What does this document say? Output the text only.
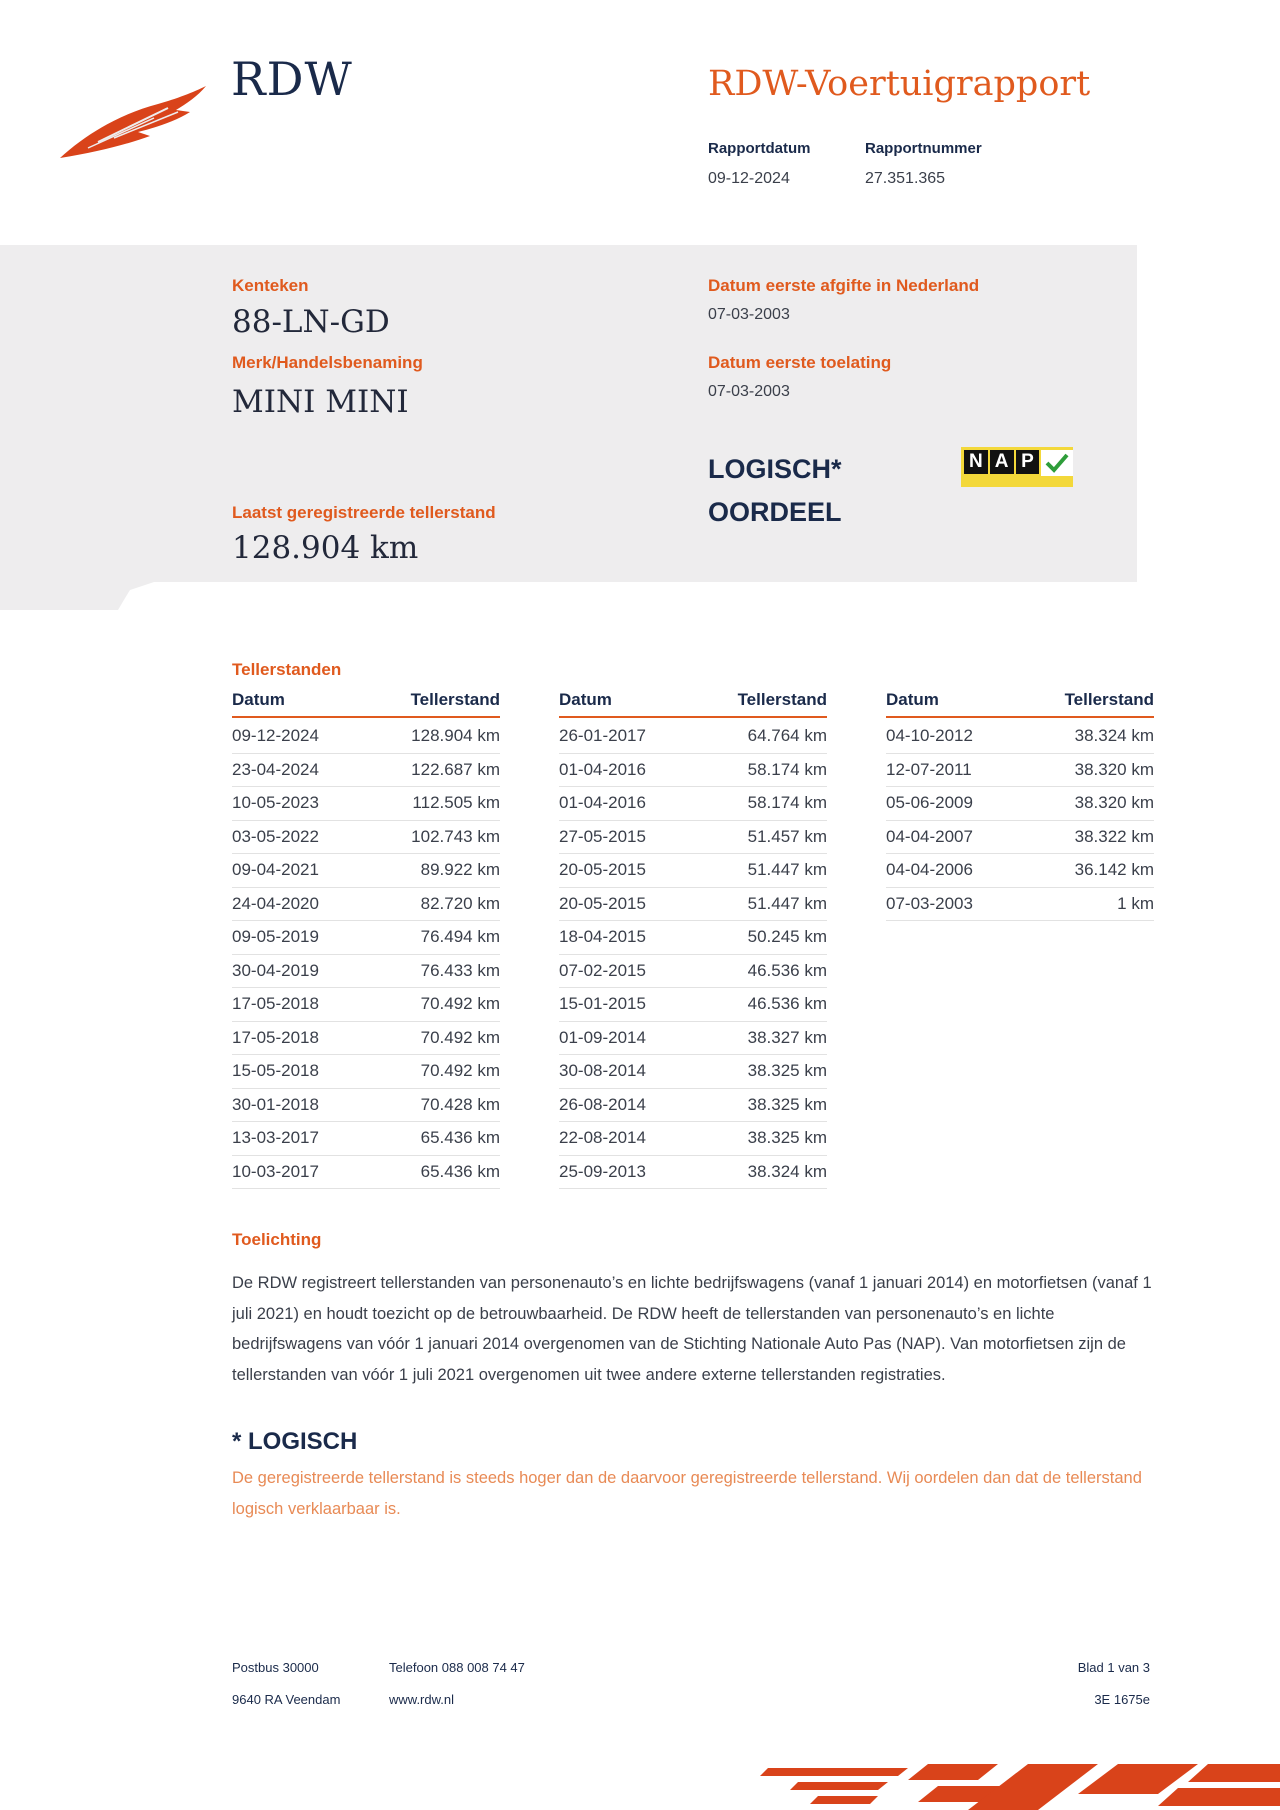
RDW	RDW-Voertuigrapport
Rapportdatum
09-12-2024
Rapportnummer
27.351.365
Kenteken
88-LN-GD
Merk/Handelsbenaming
MINI MINI
Laatst geregistreerde tellerstand
128.904 km
Datum eerste afgifte in Nederland
07-03-2003
Datum eerste toelating
07-03-2003
LOGISCH*
OORDEEL
N A P
Tellerstanden
Datum	Tellerstand
09-12-2024	128.904 km
23-04-2024	122.687 km
10-05-2023	112.505 km
03-05-2022	102.743 km
09-04-2021	89.922 km
24-04-2020	82.720 km
09-05-2019	76.494 km
30-04-2019	76.433 km
17-05-2018	70.492 km
17-05-2018	70.492 km
15-05-2018	70.492 km
30-01-2018	70.428 km
13-03-2017	65.436 km
10-03-2017	65.436 km
Datum	Tellerstand
26-01-2017	64.764 km
01-04-2016	58.174 km
01-04-2016	58.174 km
27-05-2015	51.457 km
20-05-2015	51.447 km
20-05-2015	51.447 km
18-04-2015	50.245 km
07-02-2015	46.536 km
15-01-2015	46.536 km
01-09-2014	38.327 km
30-08-2014	38.325 km
26-08-2014	38.325 km
22-08-2014	38.325 km
25-09-2013	38.324 km
Datum	Tellerstand
04-10-2012	38.324 km
12-07-2011	38.320 km
05-06-2009	38.320 km
04-04-2007	38.322 km
04-04-2006	36.142 km
07-03-2003	1 km
Toelichting
De RDW registreert tellerstanden van personenauto’s en lichte bedrijfswagens (vanaf 1 januari 2014) en motorfietsen (vanaf 1 juli 2021) en houdt toezicht op de betrouwbaarheid. De RDW heeft de tellerstanden van personenauto’s en lichte bedrijfswagens van vóór 1 januari 2014 overgenomen van de Stichting Nationale Auto Pas (NAP). Van motorfietsen zijn de tellerstanden van vóór 1 juli 2021 overgenomen uit twee andere externe tellerstanden registraties.
* LOGISCH
De geregistreerde tellerstand is steeds hoger dan de daarvoor geregistreerde tellerstand. Wij oordelen dan dat de tellerstand logisch verklaarbaar is.
Postbus 30000
9640 RA Veendam
Telefoon 088 008 74 47
www.rdw.nl
Blad 1 van 3
3E 1675e
